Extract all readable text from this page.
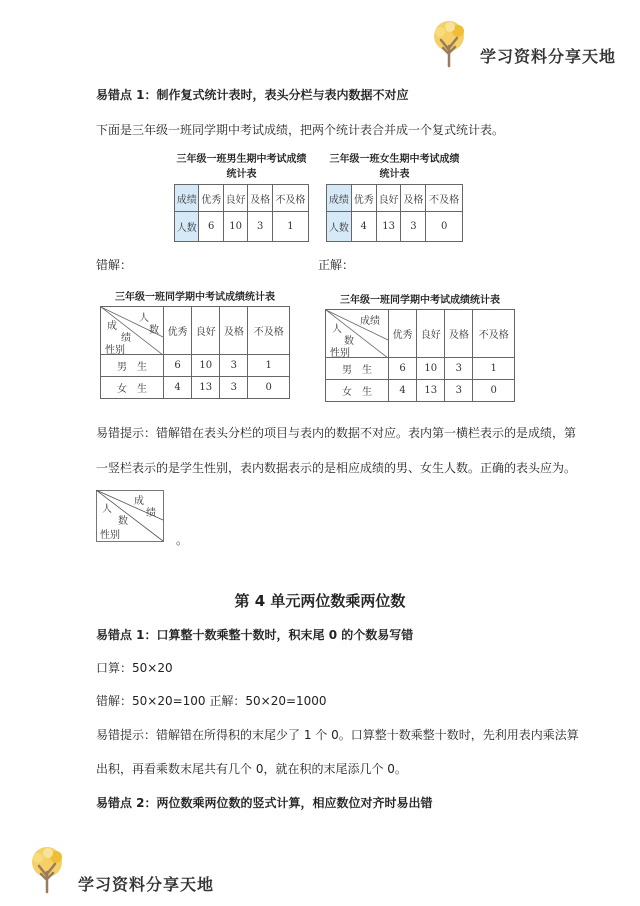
学习资料分享天地
易错点 1：制作复式统计表时，表头分栏与表内数据不对应
下面是三年级一班同学期中考试成绩，把两个统计表合并成一个复式统计表。
三年级一班男生期中考试成绩统计表
成绩	优秀	良好	及格	不及格
人数	6	10	3	1
三年级一班女生期中考试成绩统计表
成绩	优秀	良好	及格	不及格
人数	4	13	3	0
错解：	正解：
三年级一班同学期中考试成绩统计表
人
成 数
绩
性别	优秀	良好	及格	不及格
男　生	6	10	3	1
女　生	4	13	3	0
三年级一班同学期中考试成绩统计表
成绩
人
数
性别	优秀	良好	及格	不及格
男　生	6	10	3	1
女　生	4	13	3	0
易错提示：错解错在表头分栏的项目与表内的数据不对应。表内第一横栏表示的是成绩，第
一竖栏表示的是学生性别，表内数据表示的是相应成绩的男、女生人数。正确的表头应为。
成
绩
人
数
性别	。
第 4 单元两位数乘两位数
易错点 1：口算整十数乘整十数时，积末尾 0 的个数易写错
口算：50×20
错解：50×20=100 正解：50×20=1000
易错提示：错解错在所得积的末尾少了 1 个 0。口算整十数乘整十数时，先利用表内乘法算
出积，再看乘数末尾共有几个 0，就在积的末尾添几个 0。
易错点 2：两位数乘两位数的竖式计算，相应数位对齐时易出错
学习资料分享天地
